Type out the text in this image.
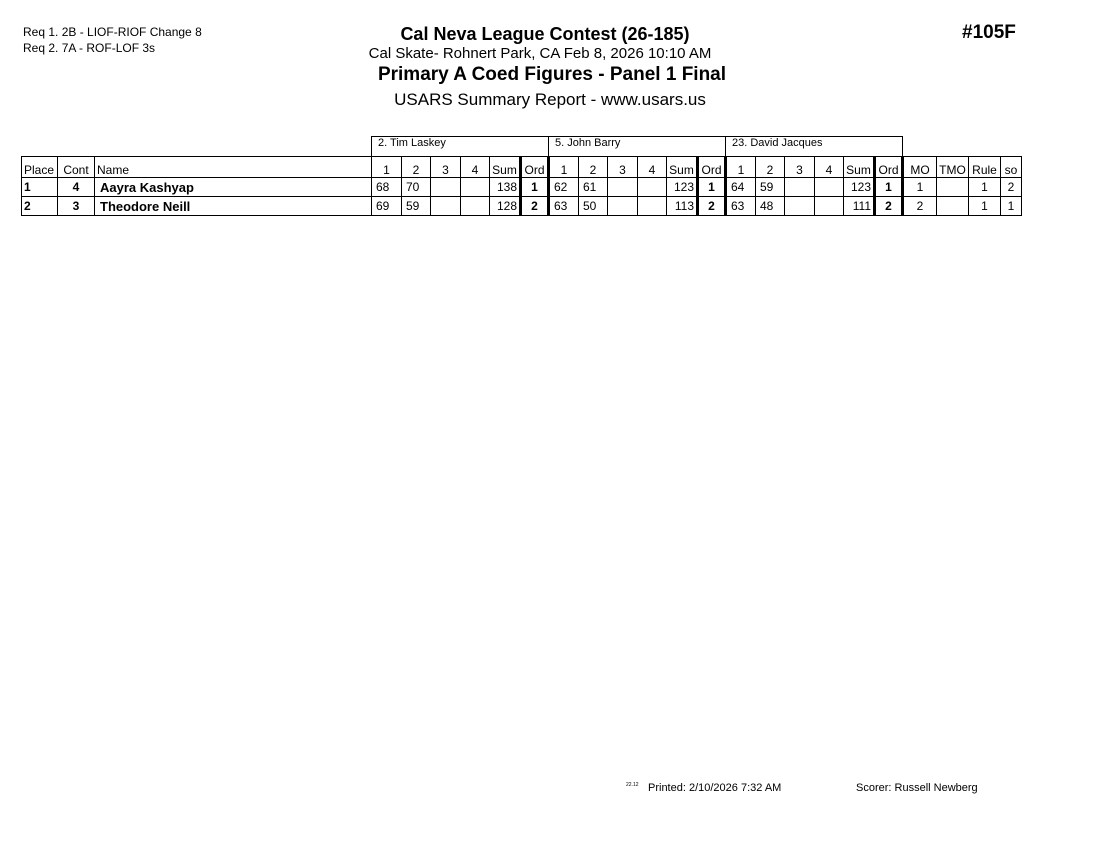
Req 1. 2B - LIOF-RIOF Change 8
Req 2. 7A - ROF-LOF 3s
#105F
Cal Neva League Contest (26-185)
Cal Skate- Rohnert Park, CA Feb 8, 2026 10:10 AM
Primary A Coed Figures - Panel 1 Final
USARS Summary Report - www.usars.us
			2. Tim Laskey						5. John Barry						23. David Jacques									
Place	Cont	Name	1	2	3	4	Sum	Ord	1	2	3	4	Sum	Ord	1	2	3	4	Sum	Ord	MO	TMO	Rule	so
1	4	Aayra Kashyap	68	70			138	1	62	61			123	1	64	59			123	1	1		1	2
2	3	Theodore Neill	69	59			128	2	63	50			113	2	63	48			111	2	2		1	1
22.12 Printed: 2/10/2026 7:32 AM	Scorer: Russell Newberg
